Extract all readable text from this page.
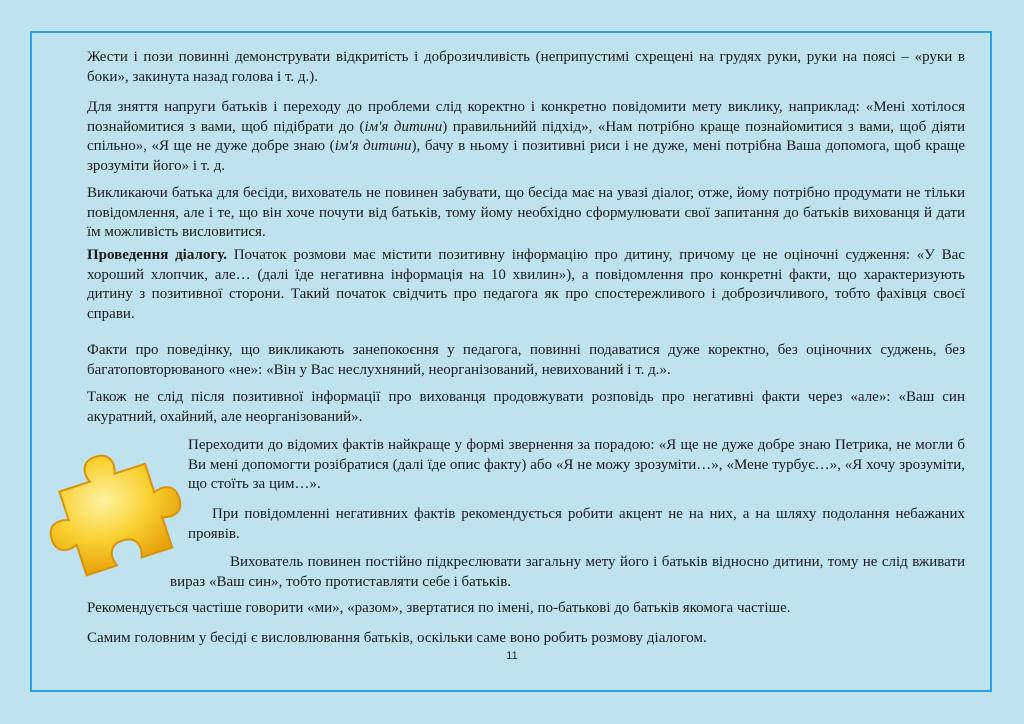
Жести і пози повинні демонструвати відкритість і доброзичливість (неприпустимі схрещені на грудях руки, руки на поясі – «руки в боки», закинута назад голова і т. д.).

Для зняття напруги батьків і переходу до проблеми слід коректно і конкретно повідомити мету виклику, наприклад: «Мені хотілося познайомитися з вами, щоб підібрати до (ім'я дитини) правильнийй підхід», «Нам потрібно краще познайомитися з вами, щоб діяти спільно», «Я ще не дуже добре знаю (ім'я дитини), бачу в ньому і позитивні риси і не дуже, мені потрібна Ваша допомога, щоб краще зрозуміти його» і т. д.

Викликаючи батька для бесіди, вихователь не повинен забувати, що бесіда має на увазі діалог, отже, йому потрібно продумати не тільки повідомлення, але і те, що він хоче почути від батьків, тому йому необхідно сформулювати свої запитання до батьків вихованця й дати їм можливість висловитися.

Проведення діалогу. Початок розмови має містити позитивну інформацію про дитину, причому це не оціночні судження: «У Вас хороший хлопчик, але… (далі їде негативна інформація на 10 хвилин»), а повідомлення про конкретні факти, що характеризують дитину з позитивної сторони. Такий початок свідчить про педагога як про спостережливого і доброзичливого, тобто фахівця своєї справи.

Факти про поведінку, що викликають занепокоєння у педагога, повинні подаватися дуже коректно, без оціночних суджень, без багатоповторюваного «не»: «Він у Вас неслухняний, неорганізований, невихований і т. д.».

Також не слід після позитивної інформації про вихованця продовжувати розповідь про негативні факти через «але»: «Ваш син акуратний, охайний, але неорганізований».

Переходити до відомих фактів найкраще у формі звернення за порадою: «Я ще не дуже добре знаю Петрика, не могли б Ви мені допомогти розібратися (далі їде опис факту) або «Я не можу зрозуміти…», «Мене турбує…», «Я хочу зрозуміти, що стоїть за цим…».

При повідомленні негативних фактів рекомендується робити акцент не на них, а на шляху подолання небажаних проявів.

Вихователь повинен постійно підкреслювати загальну мету його і батьків відносно дитини, тому не слід вживати вираз «Ваш син», тобто протиставляти себе і батьків.

Рекомендується частіше говорити «ми», «разом», звертатися по імені, по-батькові до батьків якомога частіше.

Самим головним у бесіді є висловлювання батьків, оскільки саме воно робить розмову діалогом.

11
